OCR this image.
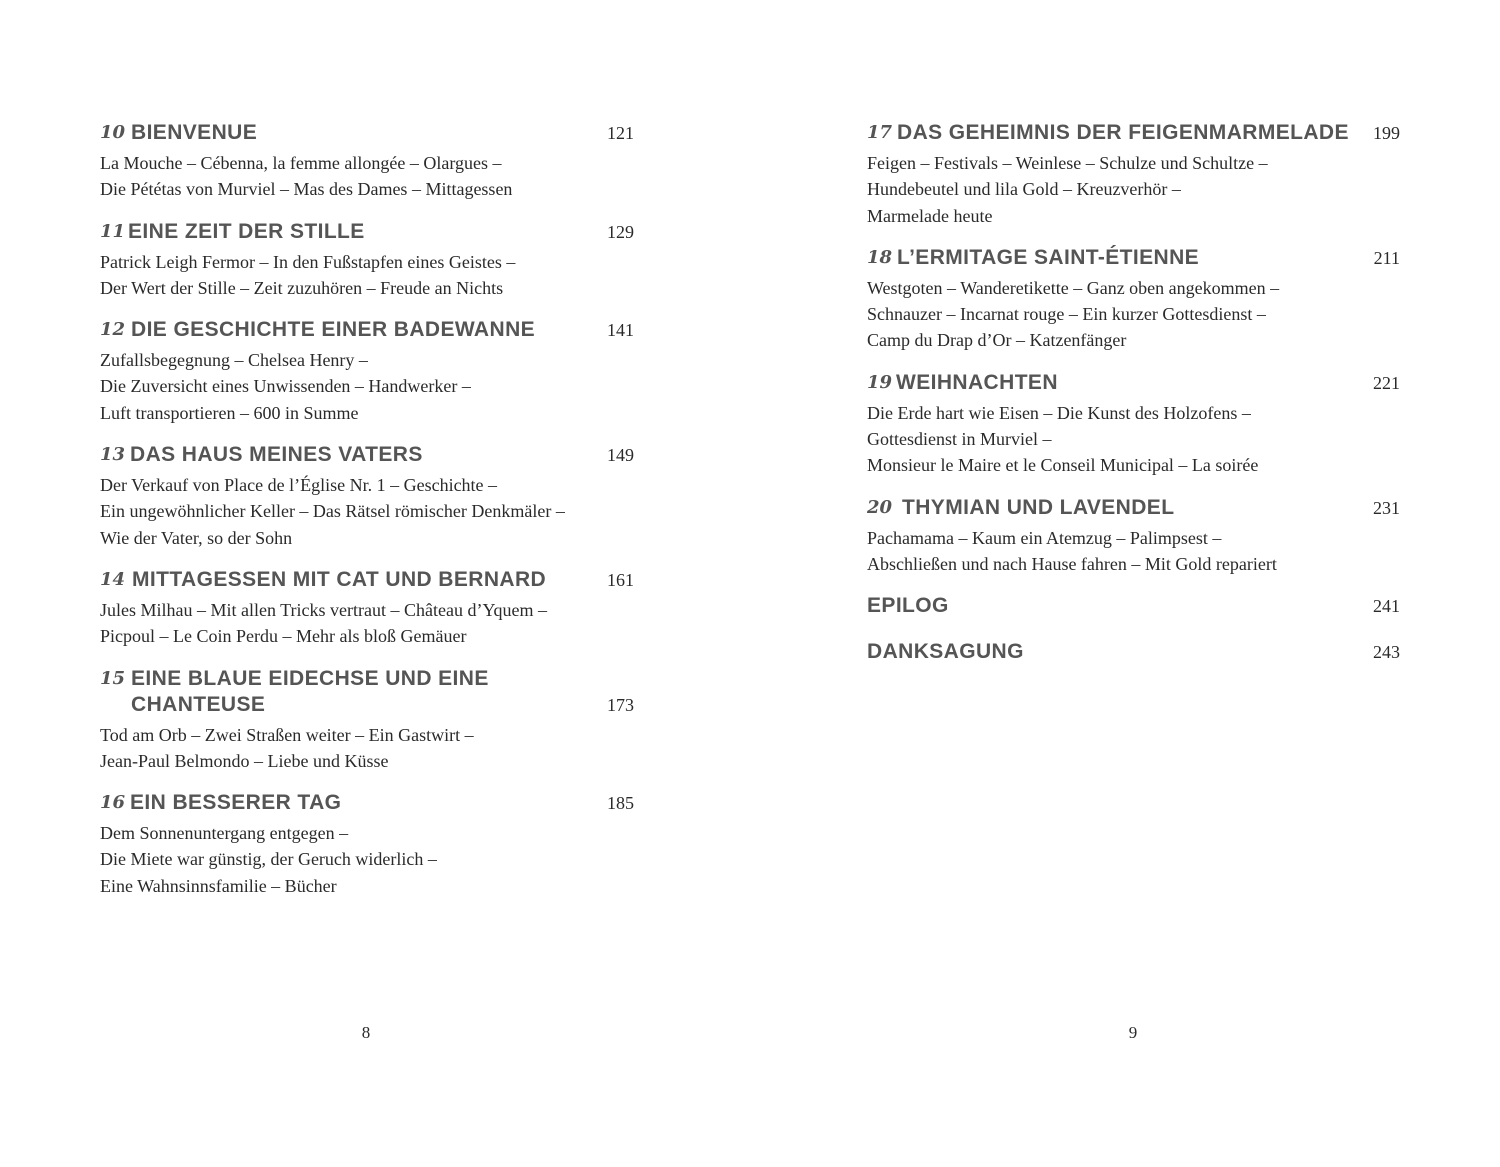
10 BIENVENUE	121
La Mouche – Cébenna, la femme allongée – Olargues –
Die Pététas von Murviel – Mas des Dames – Mittagessen
11 EINE ZEIT DER STILLE	129
Patrick Leigh Fermor – In den Fußstapfen eines Geistes –
Der Wert der Stille – Zeit zuzuhören – Freude an Nichts
12 DIE GESCHICHTE EINER BADEWANNE	141
Zufallsbegegnung – Chelsea Henry –
Die Zuversicht eines Unwissenden – Handwerker –
Luft transportieren – 600 in Summe
13 DAS HAUS MEINES VATERS	149
Der Verkauf von Place de l’Église Nr. 1 – Geschichte –
Ein ungewöhnlicher Keller – Das Rätsel römischer Denkmäler –
Wie der Vater, so der Sohn
14 MITTAGESSEN MIT CAT UND BERNARD	161
Jules Milhau – Mit allen Tricks vertraut – Château d’Yquem –
Picpoul – Le Coin Perdu – Mehr als bloß Gemäuer
15 EINE BLAUE EIDECHSE UND EINE CHANTEUSE	173
Tod am Orb – Zwei Straßen weiter – Ein Gastwirt –
Jean-Paul Belmondo – Liebe und Küsse
16 EIN BESSERER TAG	185
Dem Sonnenuntergang entgegen –
Die Miete war günstig, der Geruch widerlich –
Eine Wahnsinnsfamilie – Bücher
8
17 DAS GEHEIMNIS DER FEIGENMARMELADE 199
Feigen – Festivals – Weinlese – Schulze und Schultze –
Hundebeutel und lila Gold – Kreuzverhör –
Marmelade heute
18 L’ERMITAGE SAINT-ÉTIENNE	211
Westgoten – Wanderetikette – Ganz oben angekommen –
Schnauzer – Incarnat rouge – Ein kurzer Gottesdienst –
Camp du Drap d’Or – Katzenfänger
19 WEIHNACHTEN	221
Die Erde hart wie Eisen – Die Kunst des Holzofens –
Gottesdienst in Murviel –
Monsieur le Maire et le Conseil Municipal – La soirée
20 THYMIAN UND LAVENDEL	231
Pachamama – Kaum ein Atemzug – Palimpsest –
Abschließen und nach Hause fahren – Mit Gold repariert
EPILOG	241
DANKSAGUNG	243
9
